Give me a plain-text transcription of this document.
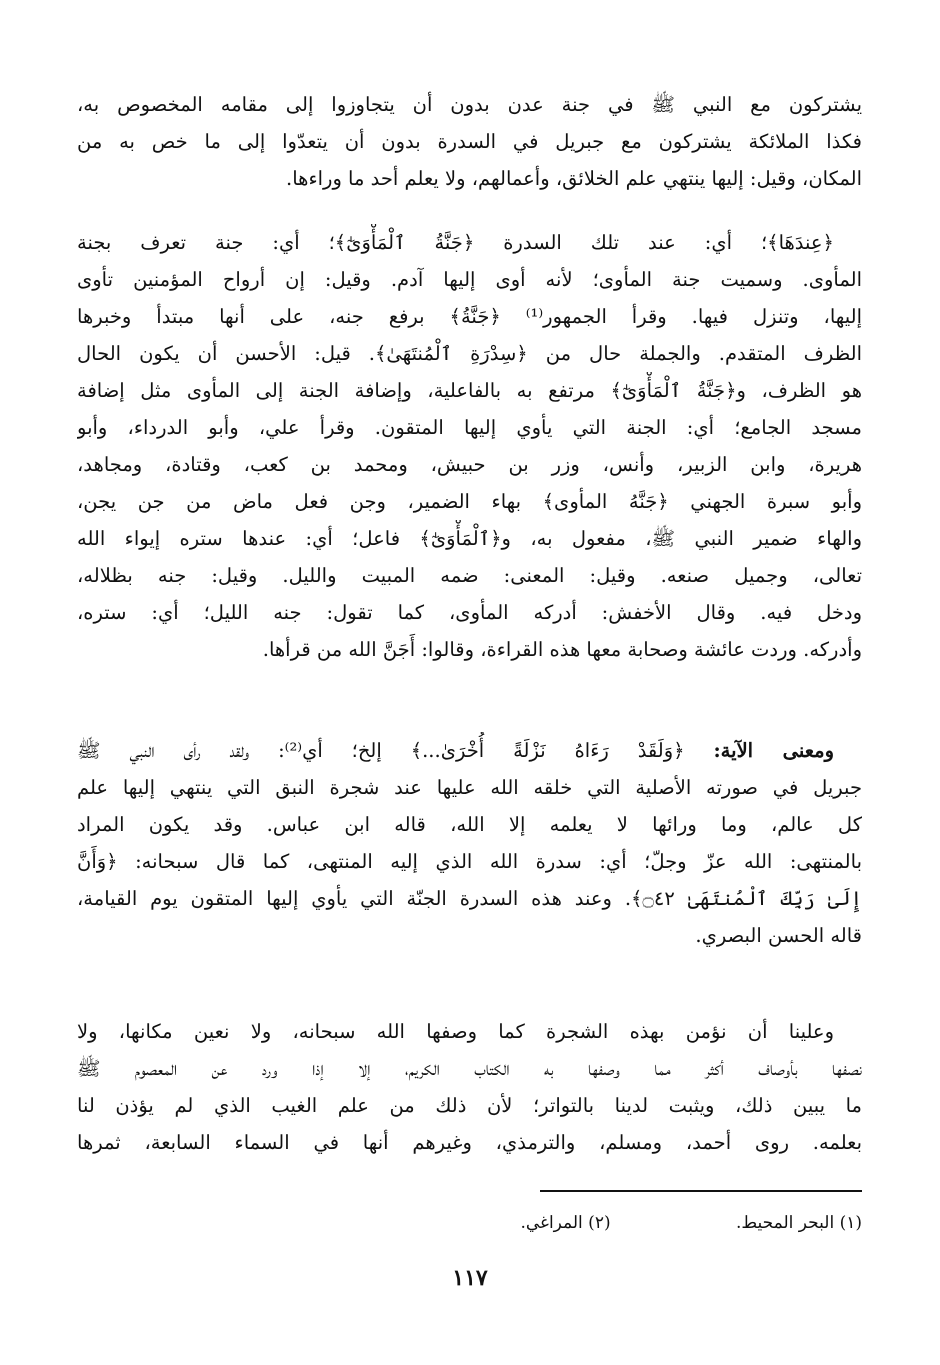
يشتركون مع النبي ﷺ في جنة عدن بدون أن يتجاوزوا إلى مقامه المخصوص به،
فكذا الملائكة يشتركون مع جبريل في السدرة بدون أن يتعدّوا إلى ما خص به من
المكان، وقيل: إليها ينتهي علم الخلائق، وأعمالهم، ولا يعلم أحد ما وراءها.
﴿عِندَهَا﴾؛ أي: عند تلك السدرة ﴿جَنَّةُ ٱلْمَأْوَىٰٓ﴾؛ أي: جنة تعرف بجنة
المأوى. وسميت جنة المأوى؛ لأنه أوى إليها آدم. وقيل: إن أرواح المؤمنين تأوى
إليها، وتنزل فيها. وقرأ الجمهور⁽¹⁾ ﴿جَنَّةُ﴾ برفع جنه، على أنها مبتدأ وخبرها
الظرف المتقدم. والجملة حال من ﴿سِدْرَةِ ٱلْمُنتَهَىٰ﴾. قيل: الأحسن أن يكون الحال
هو الظرف، و﴿جَنَّةُ ٱلْمَأْوَىٰٓ﴾ مرتفع به بالفاعلية، وإضافة الجنة إلى المأوى مثل إضافة
مسجد الجامع؛ أي: الجنة التي يأوي إليها المتقون. وقرأ علي، وأبو الدرداء، وأبو
هريرة، وابن الزبير، وأنس، وزر بن حبيش، ومحمد بن كعب، وقتادة، ومجاهد،
وأبو سبرة الجهني ﴿جَنَّهُ المأوى﴾ بهاء الضمير، وجن فعل ماض من جن يجن،
والهاء ضمير النبي ﷺ، مفعول به، و﴿ٱلْمَأْوَىٰٓ﴾ فاعل؛ أي: عندها ستره إيواء الله
تعالى، وجميل صنعه. وقيل: المعنى: ضمه المبيت والليل. وقيل: جنه بظلاله،
ودخل فيه. وقال الأخفش: أدركه المأوى، كما تقول: جنه الليل؛ أي: ستره،
وأدركه. وردت عائشة وصحابة معها هذه القراءة، وقالوا: أَجَنَّ الله من قرأها.
ومعنى الآية: ﴿وَلَقَدْ رَءَاهُ نَزْلَةً أُخْرَىٰ...﴾ إلخ؛ أي⁽²⁾: ولقد رأى النبي ﷺ
جبريل في صورته الأصلية التي خلقه الله عليها عند شجرة النبق التي ينتهي إليها علم
كل عالم، وما ورائها لا يعلمه إلا الله، قاله ابن عباس. وقد يكون المراد
بالمنتهى: الله عزّ وجلّ؛ أي: سدرة الله الذي إليه المنتهى، كما قال سبحانه: ﴿وَأَنَّ
إِلَىٰ رَبِّكَ ٱلْمُنتَهَىٰ ۝٤٢﴾. وعند هذه السدرة الجنّة التي يأوي إليها المتقون يوم القيامة،
قاله الحسن البصري.
وعلينا أن نؤمن بهذه الشجرة كما وصفها الله سبحانه، ولا نعين مكانها، ولا
نصفها بأوصاف أكثر مما وصفها به الكتاب الكريم، إلا إذا ورد عن المعصوم ﷺ
ما يبين ذلك، ويثبت لدينا بالتواتر؛ لأن ذلك من علم الغيب الذي لم يؤذن لنا
بعلمه. روى أحمد، ومسلم، والترمذي، وغيرهم أنها في السماء السابعة، ثمرها
(١) البحر المحيط. (٢) المراغي.
١١٧
